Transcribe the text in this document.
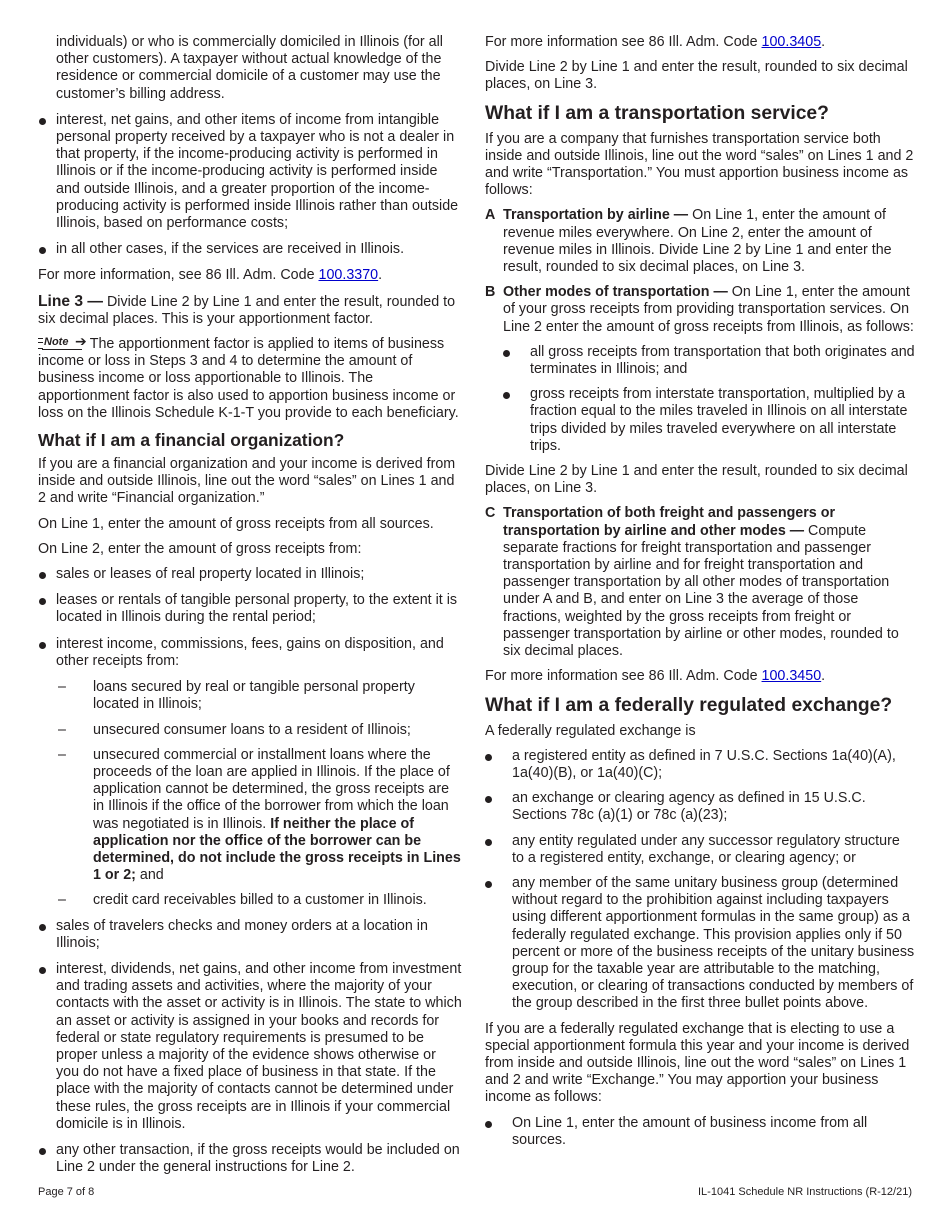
individuals) or who is commercially domiciled in Illinois (for all other customers). A taxpayer without actual knowledge of the residence or commercial domicile of a customer may use the customer’s billing address.

interest, net gains, and other items of income from intangible personal property received by a taxpayer who is not a dealer in that property, if the income-producing activity is performed in Illinois or if the income-producing activity is performed inside and outside Illinois, and a greater proportion of the income-producing activity is performed inside Illinois rather than outside Illinois, based on performance costs;
in all other cases, if the services are received in Illinois.

For more information, see 86 Ill. Adm. Code 100.3370.

Line 3 — Divide Line 2 by Line 1 and enter the result, rounded to six decimal places. This is your apportionment factor.

Note ➔ The apportionment factor is applied to items of business income or loss in Steps 3 and 4 to determine the amount of business income or loss apportionable to Illinois. The apportionment factor is also used to apportion business income or loss on the Illinois Schedule K-1-T you provide to each beneficiary.

What if I am a financial organization?

If you are a financial organization and your income is derived from inside and outside Illinois, line out the word “sales” on Lines 1 and 2 and write “Financial organization.”

On Line 1, enter the amount of gross receipts from all sources.

On Line 2, enter the amount of gross receipts from:

sales or leases of real property located in Illinois;
leases or rentals of tangible personal property, to the extent it is located in Illinois during the rental period;
interest income, commissions, fees, gains on disposition, and other receipts from:
– loans secured by real or tangible personal property located in Illinois;
– unsecured consumer loans to a resident of Illinois;
– unsecured commercial or installment loans where the proceeds of the loan are applied in Illinois. If the place of application cannot be determined, the gross receipts are in Illinois if the office of the borrower from which the loan was negotiated is in Illinois. If neither the place of application nor the office of the borrower can be determined, do not include the gross receipts in Lines 1 or 2; and
– credit card receivables billed to a customer in Illinois.
sales of travelers checks and money orders at a location in Illinois;
interest, dividends, net gains, and other income from investment and trading assets and activities, where the majority of your contacts with the asset or activity is in Illinois. The state to which an asset or activity is assigned in your books and records for federal or state regulatory requirements is presumed to be proper unless a majority of the evidence shows otherwise or you do not have a fixed place of business in that state. If the place with the majority of contacts cannot be determined under these rules, the gross receipts are in Illinois if your commercial domicile is in Illinois.
any other transaction, if the gross receipts would be included on Line 2 under the general instructions for Line 2.

For more information see 86 Ill. Adm. Code 100.3405.

Divide Line 2 by Line 1 and enter the result, rounded to six decimal places, on Line 3.

What if I am a transportation service?

If you are a company that furnishes transportation service both inside and outside Illinois, line out the word “sales” on Lines 1 and 2 and write “Transportation.” You must apportion business income as follows:

A Transportation by airline — On Line 1, enter the amount of revenue miles everywhere. On Line 2, enter the amount of revenue miles in Illinois. Divide Line 2 by Line 1 and enter the result, rounded to six decimal places, on Line 3.
B Other modes of transportation — On Line 1, enter the amount of your gross receipts from providing transportation services. On Line 2 enter the amount of gross receipts from Illinois, as follows:
all gross receipts from transportation that both originates and terminates in Illinois; and
gross receipts from interstate transportation, multiplied by a fraction equal to the miles traveled in Illinois on all interstate trips divided by miles traveled everywhere on all interstate trips.

Divide Line 2 by Line 1 and enter the result, rounded to six decimal places, on Line 3.

C Transportation of both freight and passengers or transportation by airline and other modes — Compute separate fractions for freight transportation and passenger transportation by airline and for freight transportation and passenger transportation by all other modes of transportation under A and B, and enter on Line 3 the average of those fractions, weighted by the gross receipts from freight or passenger transportation by airline or other modes, rounded to six decimal places.

For more information see 86 Ill. Adm. Code 100.3450.

What if I am a federally regulated exchange?

A federally regulated exchange is

a registered entity as defined in 7 U.S.C. Sections 1a(40)(A), 1a(40)(B), or 1a(40)(C);
an exchange or clearing agency as defined in 15 U.S.C. Sections 78c (a)(1) or 78c (a)(23);
any entity regulated under any successor regulatory structure to a registered entity, exchange, or clearing agency; or
any member of the same unitary business group (determined without regard to the prohibition against including taxpayers using different apportionment formulas in the same group) as a federally regulated exchange. This provision applies only if 50 percent or more of the business receipts of the unitary business group for the taxable year are attributable to the matching, execution, or clearing of transactions conducted by members of the group described in the first three bullet points above.

If you are a federally regulated exchange that is electing to use a special apportionment formula this year and your income is derived from inside and outside Illinois, line out the word “sales” on Lines 1 and 2 and write “Exchange.” You may apportion your business income as follows:

On Line 1, enter the amount of business income from all sources.
Page 7 of 8	IL-1041 Schedule NR Instructions (R-12/21)
